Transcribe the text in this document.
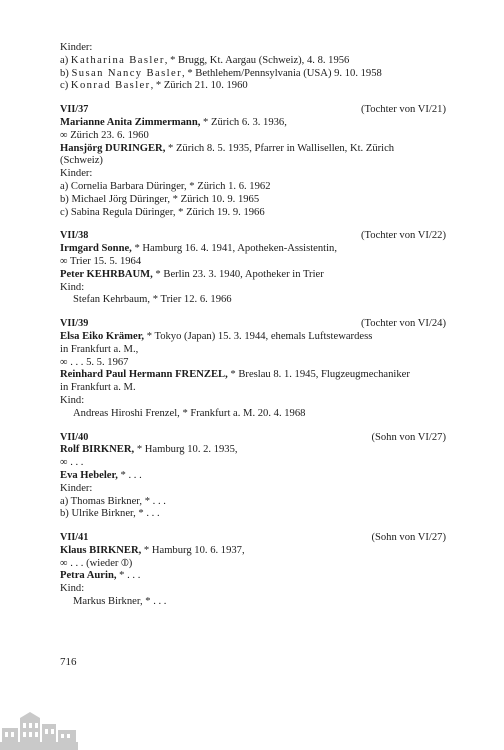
Kinder:
a) Katharina Basler, * Brugg, Kt. Aargau (Schweiz), 4. 8. 1956
b) Susan Nancy Basler, * Bethlehem/Pennsylvania (USA) 9. 10. 1958
c) Konrad Basler, * Zürich 21. 10. 1960
VII/37	(Tochter von VI/21)
Marianne Anita Zimmermann, * Zürich 6. 3. 1936,
∞ Zürich 23. 6. 1960
Hansjörg DURINGER, * Zürich 8. 5. 1935, Pfarrer in Wallisellen, Kt. Zürich
(Schweiz)
Kinder:
a) Cornelia Barbara Düringer, * Zürich 1. 6. 1962
b) Michael Jörg Düringer, * Zürich 10. 9. 1965
c) Sabina Regula Düringer, * Zürich 19. 9. 1966
VII/38	(Tochter von VI/22)
Irmgard Sonne, * Hamburg 16. 4. 1941, Apotheken-Assistentin,
∞ Trier 15. 5. 1964
Peter KEHRBAUM, * Berlin 23. 3. 1940, Apotheker in Trier
Kind:
Stefan Kehrbaum, * Trier 12. 6. 1966
VII/39	(Tochter von VI/24)
Elsa Eiko Krämer, * Tokyo (Japan) 15. 3. 1944, ehemals Luftstewardess
in Frankfurt a. M.,
∞ . . . 5. 5. 1967
Reinhard Paul Hermann FRENZEL, * Breslau 8. 1. 1945, Flugzeugmechaniker
in Frankfurt a. M.
Kind:
Andreas Hiroshi Frenzel, * Frankfurt a. M. 20. 4. 1968
VII/40	(Sohn von VI/27)
Rolf BIRKNER, * Hamburg 10. 2. 1935,
∞ . . .
Eva Hebeler, * . . .
Kinder:
a) Thomas Birkner, * . . .
b) Ulrike Birkner, * . . .
VII/41	(Sohn von VI/27)
Klaus BIRKNER, * Hamburg 10. 6. 1937,
∞ . . . (wieder ⦶)
Petra Aurin, * . . .
Kind:
Markus Birkner, * . . .
716
